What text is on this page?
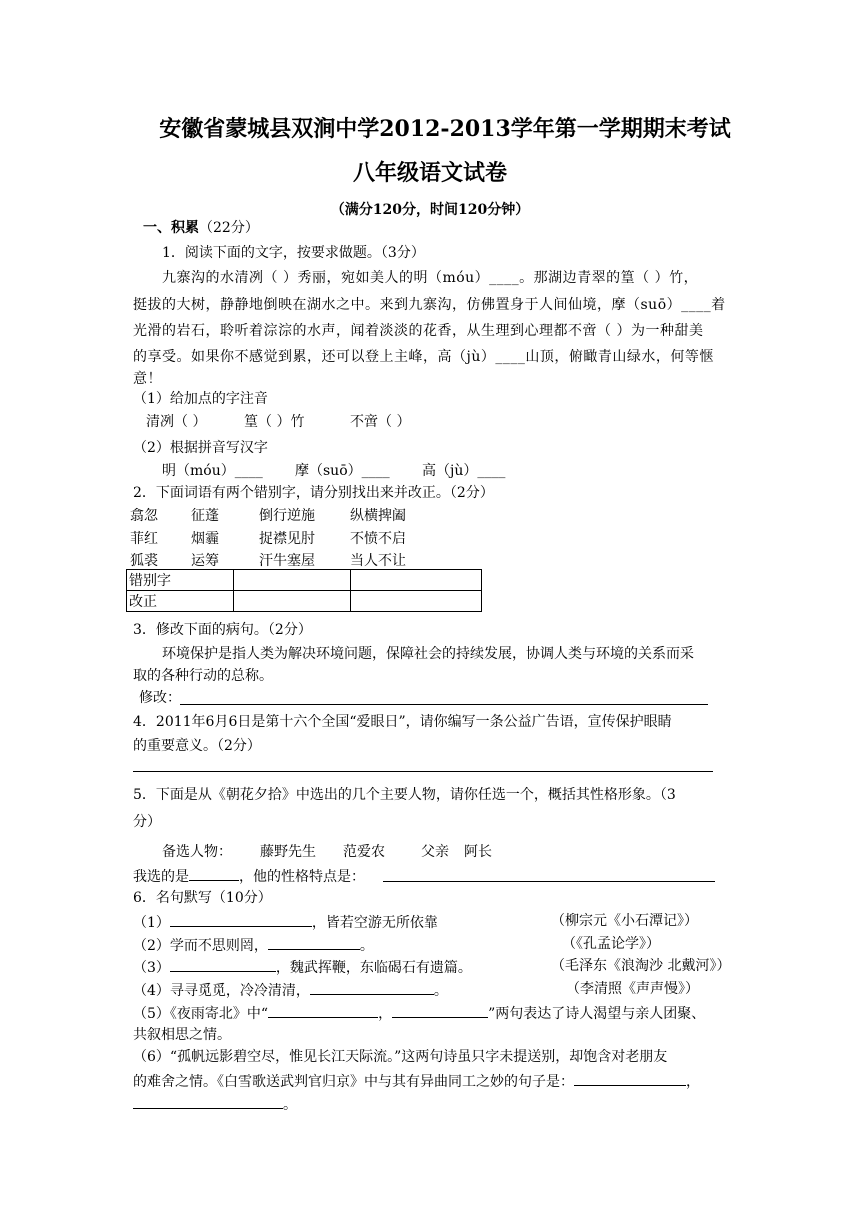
安徽省蒙城县双涧中学2012-2013学年第一学期期末考试
八年级语文试卷
（满分120分，时间120分钟）
一、积累（22分）
1．阅读下面的文字，按要求做题。（3分）
九寨沟的水清冽（ ）秀丽，宛如美人的明（móu）____。那湖边青翠的篁（ ）竹，
挺拔的大树，静静地倒映在湖水之中。来到九寨沟，仿佛置身于人间仙境，摩（suō）____着
光滑的岩石，聆听着淙淙的水声，闻着淡淡的花香，从生理到心理都不啻（ ）为一种甜美
的享受。如果你不感觉到累，还可以登上主峰，高（jù）____山顶，俯瞰青山绿水，何等惬
意！
（1）给加点的字注音
清冽（ ）	篁（ ）竹	不啻（ ）
（2）根据拼音写汉字
明（móu）____ 摩（suō）____ 高（jù）____
2．下面词语有两个错别字，请分别找出来并改正。（2分）
翕忽 征蓬	倒行逆施	纵横捭阖
菲红 烟霾	捉襟见肘	不愤不启
狐裘 运筹	汗牛塞屋	当人不让
错别字		
改正		
3．修改下面的病句。（2分）
环境保护是指人类为解决环境问题，保障社会的持续发展，协调人类与环境的关系而采
取的各种行动的总称。
修改：
4．2011年6月6日是第十六个全国“爱眼日”，请你编写一条公益广告语，宣传保护眼睛
的重要意义。（2分）
5．下面是从《朝花夕拾》中选出的几个主要人物，请你任选一个，概括其性格形象。（3
分）
备选人物： 藤野先生 范爱农	父亲 阿长
我选的是	，他的性格特点是：
6．名句默写（10分）
（1）	，皆若空游无所依靠	（柳宗元《小石潭记》）
（2）学而不思则罔，	。	（《孔孟论学》）
（3）	，魏武挥鞭，东临碣石有遗篇。	（毛泽东《浪淘沙 北戴河》）
（4）寻寻觅觅，冷冷清清，	。	（李清照《声声慢》）
（5）《夜雨寄北》中“	，	”两句表达了诗人渴望与亲人团聚、
共叙相思之情。
（6）“孤帆远影碧空尽，惟见长江天际流。”这两句诗虽只字未提送别，却饱含对老朋友
的难舍之情。《白雪歌送武判官归京》中与其有异曲同工之妙的句子是：	，
。
